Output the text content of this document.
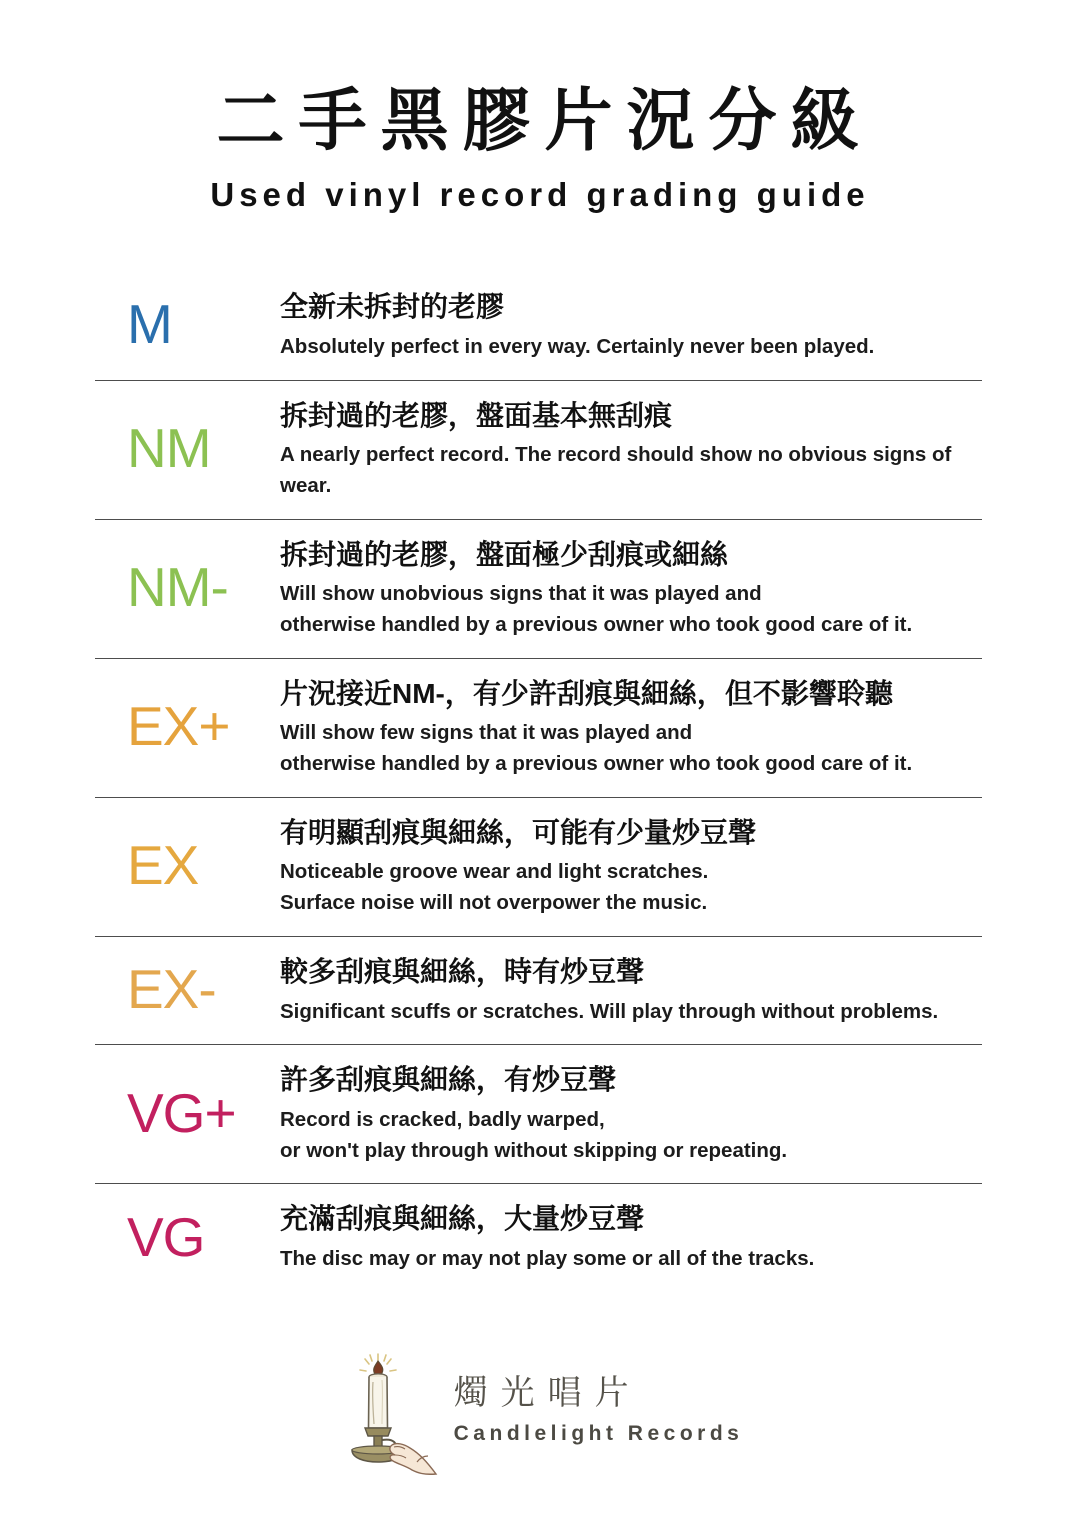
二手黑膠片況分級
Used vinyl record grading guide
M	全新未拆封的老膠
Absolutely perfect in every way. Certainly never been played.
NM
拆封過的老膠，盤面基本無刮痕
A nearly perfect record. The record should show no obvious signs of wear.
NM-
拆封過的老膠，盤面極少刮痕或細絲
Will show unobvious signs that it was played and
otherwise handled by a previous owner who took good care of it.
EX+
片況接近NM-，有少許刮痕與細絲，但不影響聆聽
Will show few signs that it was played and
otherwise handled by a previous owner who took good care of it.
EX
有明顯刮痕與細絲，可能有少量炒豆聲
Noticeable groove wear and light scratches.
Surface noise will not overpower the music.
EX-	較多刮痕與細絲，時有炒豆聲
Significant scuffs or scratches. Will play through without problems.
VG+
許多刮痕與細絲，有炒豆聲
Record is cracked, badly warped,
or won't play through without skipping or repeating.
VG	充滿刮痕與細絲，大量炒豆聲
The disc may or may not play some or all of the tracks.
燭光唱片
Candlelight Records
